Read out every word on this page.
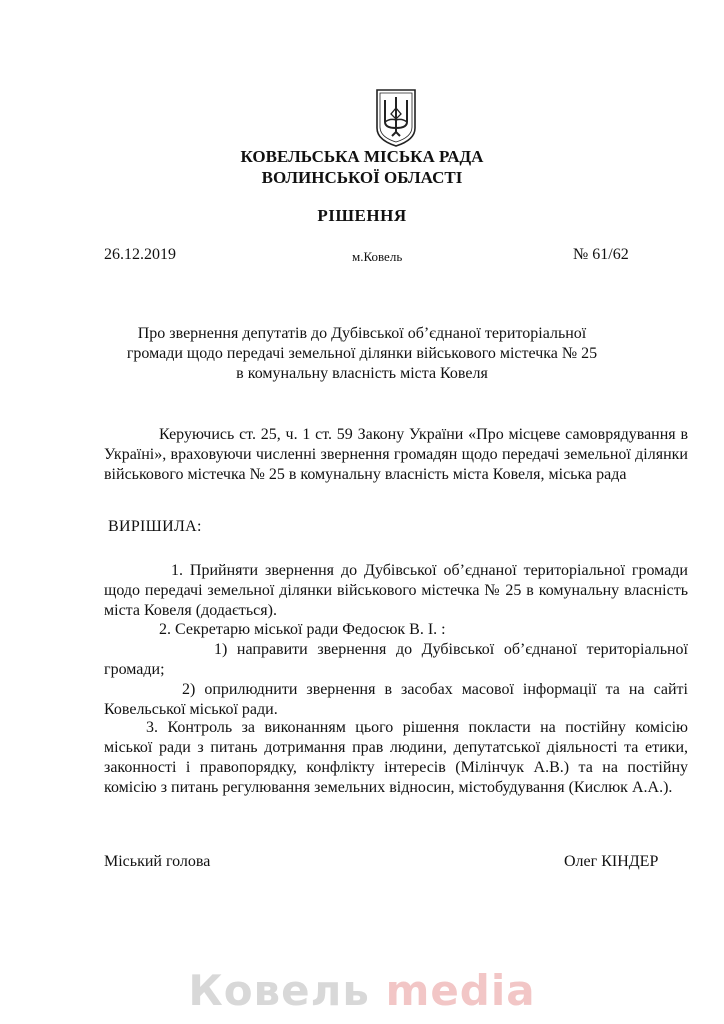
КОВЕЛЬСЬКА МІСЬКА РАДА
ВОЛИНСЬКОЇ ОБЛАСТІ
РІШЕННЯ
26.12.2019	м.Ковель	№ 61/62
Про звернення депутатів до Дубівської об’єднаної територіальної
громади щодо передачі земельної ділянки військового містечка № 25
в комунальну власність міста Ковеля
Керуючись ст. 25, ч. 1 ст. 59 Закону України «Про місцеве самоврядування в Україні», враховуючи численні звернення громадян щодо передачі земельної ділянки військового містечка № 25 в комунальну власність міста Ковеля, міська рада
ВИРІШИЛА:
1. Прийняти звернення до Дубівської об’єднаної територіальної громади щодо передачі земельної ділянки військового містечка № 25 в комунальну власність міста Ковеля (додається).
2. Секретарю міської ради Федосюк В. І. :
1) направити звернення до Дубівської об’єднаної територіальної громади;
2) оприлюднити звернення в засобах масової інформації та на сайті Ковельської міської ради.
3. Контроль за виконанням цього рішення покласти на постійну комісію міської ради з питань дотримання прав людини, депутатської діяльності та етики, законності і правопорядку, конфлікту інтересів (Мілінчук А.В.) та на постійну комісію з питань регулювання земельних відносин, містобудування (Кислюк А.А.).
Міський голова	Олег КІНДЕР
Ковель media
